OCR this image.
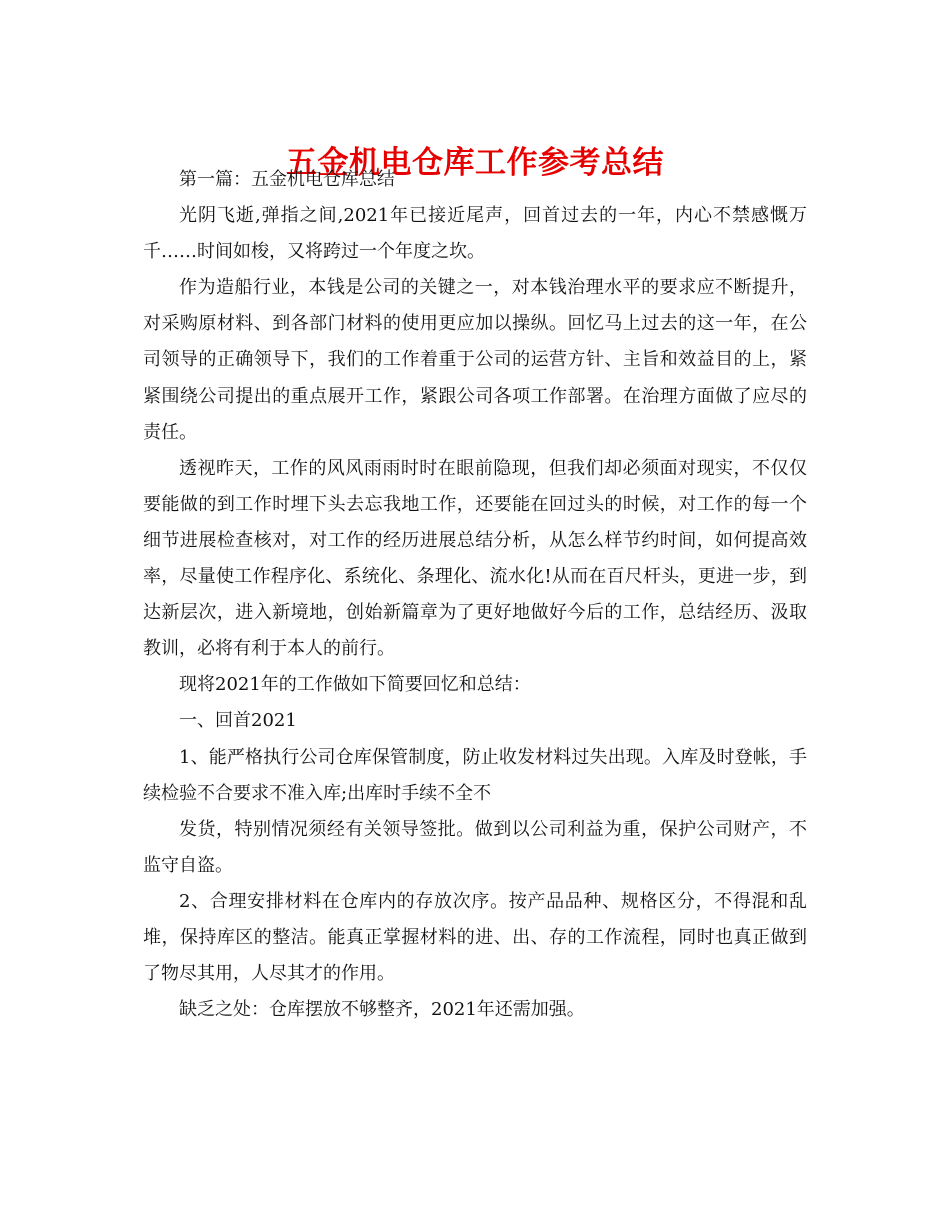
五金机电仓库工作参考总结

第一篇：五金机电仓库总结

光阴飞逝,弹指之间,2021年已接近尾声，回首过去的一年，内心不禁感慨万千……时间如梭，又将跨过一个年度之坎。

作为造船行业，本钱是公司的关键之一，对本钱治理水平的要求应不断提升，对采购原材料、到各部门材料的使用更应加以操纵。回忆马上过去的这一年，在公司领导的正确领导下，我们的工作着重于公司的运营方针、主旨和效益目的上，紧紧围绕公司提出的重点展开工作，紧跟公司各项工作部署。在治理方面做了应尽的责任。

透视昨天，工作的风风雨雨时时在眼前隐现，但我们却必须面对现实，不仅仅要能做的到工作时埋下头去忘我地工作，还要能在回过头的时候，对工作的每一个细节进展检查核对，对工作的经历进展总结分析，从怎么样节约时间，如何提高效率，尽量使工作程序化、系统化、条理化、流水化!从而在百尺杆头，更进一步，到达新层次，进入新境地，创始新篇章为了更好地做好今后的工作，总结经历、汲取教训，必将有利于本人的前行。

现将2021年的工作做如下简要回忆和总结：

一、回首2021

1、能严格执行公司仓库保管制度，防止收发材料过失出现。入库及时登帐，手续检验不合要求不准入库;出库时手续不全不

发货，特别情况须经有关领导签批。做到以公司利益为重，保护公司财产，不监守自盗。

2、合理安排材料在仓库内的存放次序。按产品品种、规格区分，不得混和乱堆，保持库区的整洁。能真正掌握材料的进、出、存的工作流程，同时也真正做到了物尽其用，人尽其才的作用。

缺乏之处：仓库摆放不够整齐，2021年还需加强。
